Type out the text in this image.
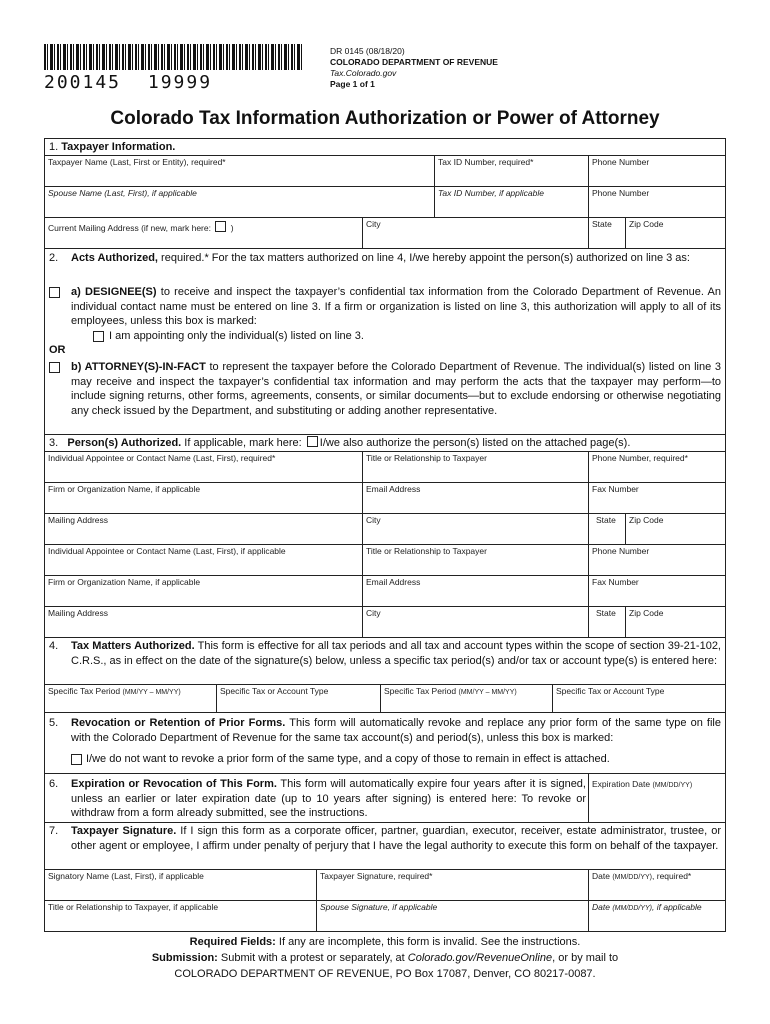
200145 19999
DR 0145 (08/18/20)
COLORADO DEPARTMENT OF REVENUE
Tax.Colorado.gov
Page 1 of 1
Colorado Tax Information Authorization or Power of Attorney
1. Taxpayer Information.
Taxpayer Name (Last, First or Entity), required*	Tax ID Number, required*	Phone Number
Spouse Name (Last, First), if applicable	Tax ID Number, if applicable	Phone Number
Current Mailing Address (if new, mark here: )	City	State Zip Code
2. Acts Authorized, required.* For the tax matters authorized on line 4, I/we hereby appoint the person(s) authorized on line 3 as:
a) DESIGNEE(S) to receive and inspect the taxpayer’s confidential tax information from the Colorado Department of Revenue. An individual contact name must be entered on line 3. If a firm or organization is listed on line 3, this authorization will apply to all of its employees, unless this box is marked:
I am appointing only the individual(s) listed on line 3.
OR
b) ATTORNEY(S)-IN-FACT to represent the taxpayer before the Colorado Department of Revenue. The individual(s) listed on line 3 may receive and inspect the taxpayer’s confidential tax information and may perform the acts that the taxpayer may perform—to include signing returns, other forms, agreements, consents, or similar documents—but to exclude endorsing or otherwise negotiating any check issued by the Department, and substituting or adding another representative.
3. Person(s) Authorized. If applicable, mark here: I/we also authorize the person(s) listed on the attached page(s).
Individual Appointee or Contact Name (Last, First), required*	Title or Relationship to Taxpayer	Phone Number, required*
Firm or Organization Name, if applicable	Email Address	Fax Number
Mailing Address	City	State Zip Code
Individual Appointee or Contact Name (Last, First), if applicable	Title or Relationship to Taxpayer	Phone Number
Firm or Organization Name, if applicable	Email Address	Fax Number
Mailing Address	City	State Zip Code
4. Tax Matters Authorized. This form is effective for all tax periods and all tax and account types within the scope of section 39-21-102, C.R.S., as in effect on the date of the signature(s) below, unless a specific tax period(s) and/or tax or account type(s) is entered here:
Specific Tax Period (MM/YY – MM/YY)	Specific Tax or Account Type	Specific Tax Period (MM/YY – MM/YY)	Specific Tax or Account Type
5. Revocation or Retention of Prior Forms. This form will automatically revoke and replace any prior form of the same type on file with the Colorado Department of Revenue for the same tax account(s) and period(s), unless this box is marked:
I/we do not want to revoke a prior form of the same type, and a copy of those to remain in effect is attached.
6. Expiration or Revocation of This Form. This form will automatically expire four years after it is signed, unless an earlier or later expiration date (up to 10 years after signing) is entered here: To revoke or withdraw from a form already submitted, see the instructions.
Expiration Date (MM/DD/YY)
7. Taxpayer Signature. If I sign this form as a corporate officer, partner, guardian, executor, receiver, estate administrator, trustee, or other agent or employee, I affirm under penalty of perjury that I have the legal authority to execute this form on behalf of the taxpayer.
Signatory Name (Last, First), if applicable	Taxpayer Signature, required*	Date (MM/DD/YY), required*
Title or Relationship to Taxpayer, if applicable	Spouse Signature, if applicable	Date (MM/DD/YY), if applicable
Required Fields: If any are incomplete, this form is invalid. See the instructions.
Submission: Submit with a protest or separately, at Colorado.gov/RevenueOnline, or by mail to
COLORADO DEPARTMENT OF REVENUE, PO Box 17087, Denver, CO 80217-0087.
